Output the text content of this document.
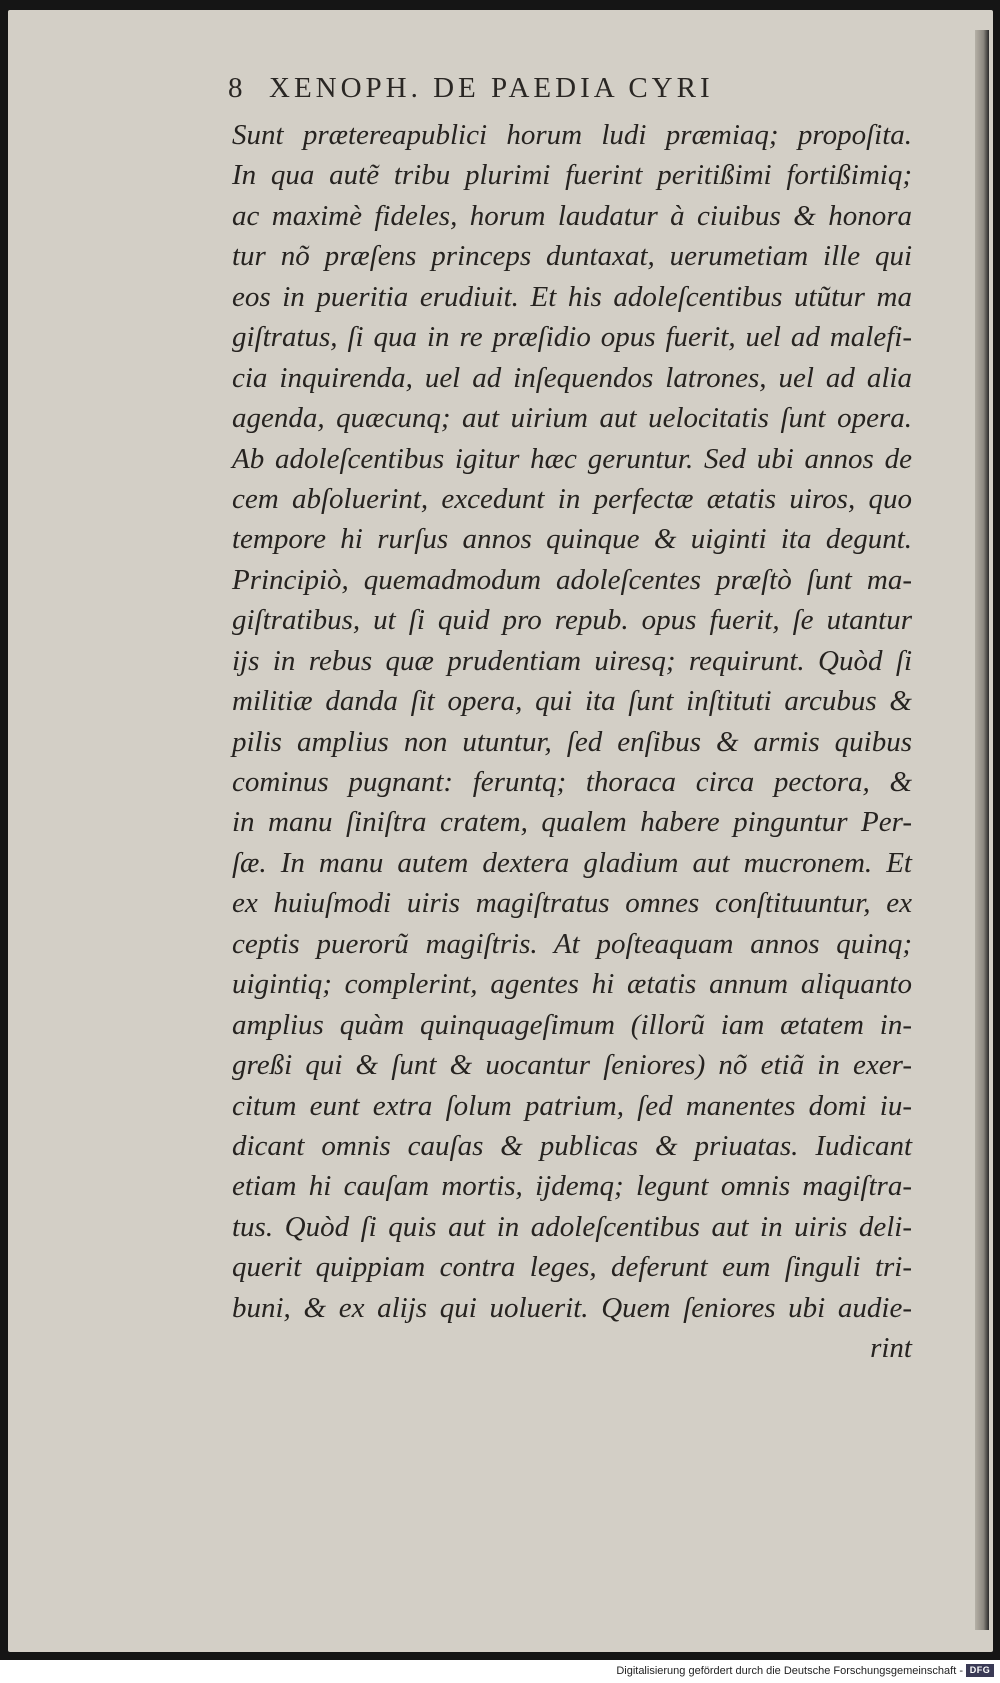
8 XENOPH. DE PAEDIA CYRI
Sunt prætereapublici horum ludi præmiaq; propoſita.
In qua autẽ tribu plurimi fuerint peritißimi fortißimiq;
ac maximè fideles, horum laudatur à ciuibus & honora
tur nõ præſens princeps duntaxat, uerumetiam ille qui
eos in pueritia erudiuit. Et his adoleſcentibus utũtur ma
giſtratus, ſi qua in re præſidio opus fuerit, uel ad malefi-
cia inquirenda, uel ad inſequendos latrones, uel ad alia
agenda, quæcunq; aut uirium aut uelocitatis ſunt opera.
Ab adoleſcentibus igitur hæc geruntur. Sed ubi annos de
cem abſoluerint, excedunt in perfectæ ætatis uiros, quo
tempore hi rurſus annos quinque & uiginti ita degunt.
Principiò, quemadmodum adoleſcentes præſtò ſunt ma-
giſtratibus, ut ſi quid pro repub. opus fuerit, ſe utantur
ijs in rebus quæ prudentiam uiresq; requirunt. Quòd ſi
militiæ danda ſit opera, qui ita ſunt inſtituti arcubus &
pilis amplius non utuntur, ſed enſibus & armis quibus
cominus pugnant: feruntq; thoraca circa pectora, &
in manu ſiniſtra cratem, qualem habere pinguntur Per-
ſæ. In manu autem dextera gladium aut mucronem. Et
ex huiuſmodi uiris magiſtratus omnes conſtituuntur, ex
ceptis puerorũ magiſtris. At poſteaquam annos quinq;
uigintiq; complerint, agentes hi ætatis annum aliquanto
amplius quàm quinquageſimum (illorũ iam ætatem in-
greßi qui & ſunt & uocantur ſeniores) nõ etiã in exer-
citum eunt extra ſolum patrium, ſed manentes domi iu-
dicant omnis cauſas & publicas & priuatas. Iudicant
etiam hi cauſam mortis, ijdemq; legunt omnis magiſtra-
tus. Quòd ſi quis aut in adoleſcentibus aut in uiris deli-
querit quippiam contra leges, deferunt eum ſinguli tri-
buni, & ex alijs qui uoluerit. Quem ſeniores ubi audie-
rint
Digitalisierung gefördert durch die Deutsche Forschungsgemeinschaft - DFG
